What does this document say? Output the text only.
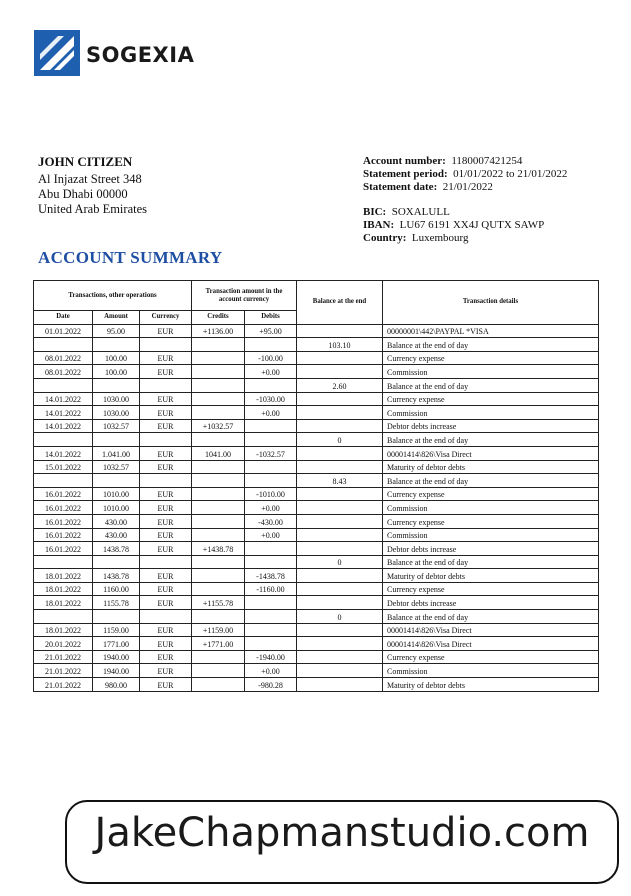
SOGEXIA
JOHN CITIZEN
Al Injazat Street 348
Abu Dhabi 00000
United Arab Emirates
Account number: 1180007421254
Statement period: 01/01/2022 to 21/01/2022
Statement date: 21/01/2022
BIC: SOXALULL
IBAN: LU67 6191 XX4J QUTX SAWP
Country: Luxembourg
ACCOUNT SUMMARY
Transactions, other operations			Transaction amount in the account currency		Balance at the end	Transaction details
Date	Amount	Currency	Credits	Debits		
01.01.2022	95.00	EUR	+1136.00	+95.00		00000001\442\PAYPAL *VISA
					103.10	Balance at the end of day
08.01.2022	100.00	EUR		-100.00		Currency expense
08.01.2022	100.00	EUR		+0.00		Commission
					2.60	Balance at the end of day
14.01.2022	1030.00	EUR		-1030.00		Currency expense
14.01.2022	1030.00	EUR		+0.00		Commission
14.01.2022	1032.57	EUR	+1032.57			Debtor debts increase
					0	Balance at the end of day
14.01.2022	1.041.00	EUR	1041.00	-1032.57		00001414\826\Visa Direct
15.01.2022	1032.57	EUR				Maturity of debtor debts
					8.43	Balance at the end of day
16.01.2022	1010.00	EUR		-1010.00		Currency expense
16.01.2022	1010.00	EUR		+0.00		Commission
16.01.2022	430.00	EUR		-430.00		Currency expense
16.01.2022	430.00	EUR		+0.00		Commission
16.01.2022	1438.78	EUR	+1438.78			Debtor debts increase
					0	Balance at the end of day
18.01.2022	1438.78	EUR		-1438.78		Maturity of debtor debts
18.01.2022	1160.00	EUR		-1160.00		Currency expense
18.01.2022	1155.78	EUR	+1155.78			Debtor debts increase
					0	Balance at the end of day
18.01.2022	1159.00	EUR	+1159.00			00001414\826\Visa Direct
20.01.2022	1771.00	EUR	+1771.00			00001414\826\Visa Direct
21.01.2022	1940.00	EUR		-1940.00		Currency expense
21.01.2022	1940.00	EUR		+0.00		Commission
21.01.2022	980.00	EUR		-980.28		Maturity of debtor debts
JakeChapmanstudio.com
